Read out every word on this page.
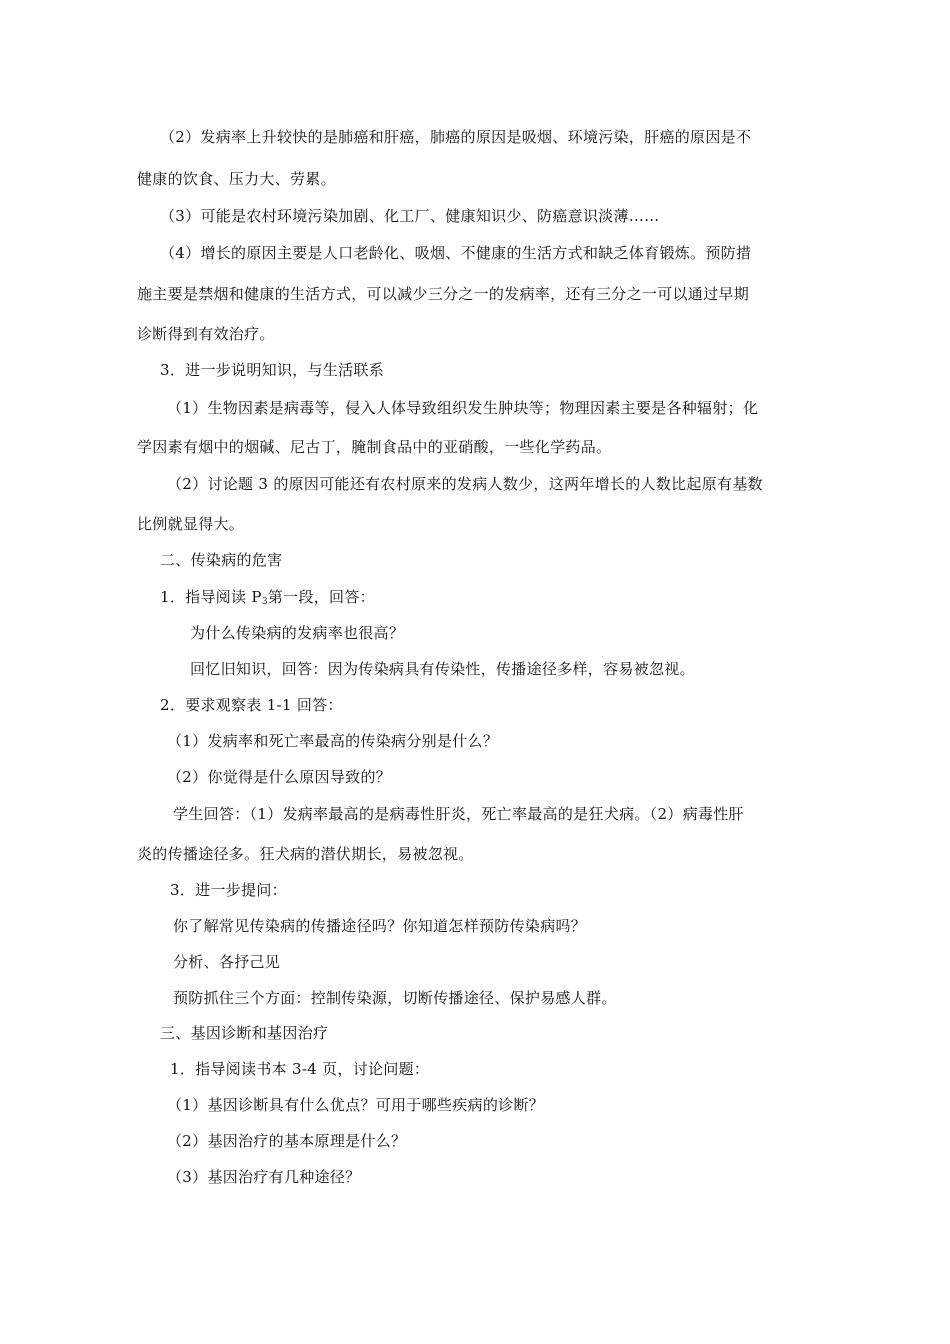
（2）发病率上升较快的是肺癌和肝癌，肺癌的原因是吸烟、环境污染，肝癌的原因是不
健康的饮食、压力大、劳累。
（3）可能是农村环境污染加剧、化工厂、健康知识少、防癌意识淡薄……
（4）增长的原因主要是人口老龄化、吸烟、不健康的生活方式和缺乏体育锻炼。预防措
施主要是禁烟和健康的生活方式，可以减少三分之一的发病率，还有三分之一可以通过早期
诊断得到有效治疗。
3．进一步说明知识，与生活联系
（1）生物因素是病毒等，侵入人体导致组织发生肿块等；物理因素主要是各种辐射；化
学因素有烟中的烟碱、尼古丁，腌制食品中的亚硝酸，一些化学药品。
（2）讨论题 3 的原因可能还有农村原来的发病人数少，这两年增长的人数比起原有基数
比例就显得大。
二、传染病的危害
1．指导阅读 $P_3$第一段，回答：
为什么传染病的发病率也很高？
回忆旧知识，回答：因为传染病具有传染性，传播途径多样，容易被忽视。
2．要求观察表 1-1 回答：
（1）发病率和死亡率最高的传染病分别是什么？
（2）你觉得是什么原因导致的？
学生回答：（1）发病率最高的是病毒性肝炎，死亡率最高的是狂犬病。（2）病毒性肝
炎的传播途径多。狂犬病的潜伏期长，易被忽视。
3．进一步提问：
你了解常见传染病的传播途径吗？你知道怎样预防传染病吗？
分析、各抒己见
预防抓住三个方面：控制传染源，切断传播途径、保护易感人群。
三、基因诊断和基因治疗
1．指导阅读书本 3-4 页，讨论问题：
（1）基因诊断具有什么优点？可用于哪些疾病的诊断？
（2）基因治疗的基本原理是什么？
（3）基因治疗有几种途径？
